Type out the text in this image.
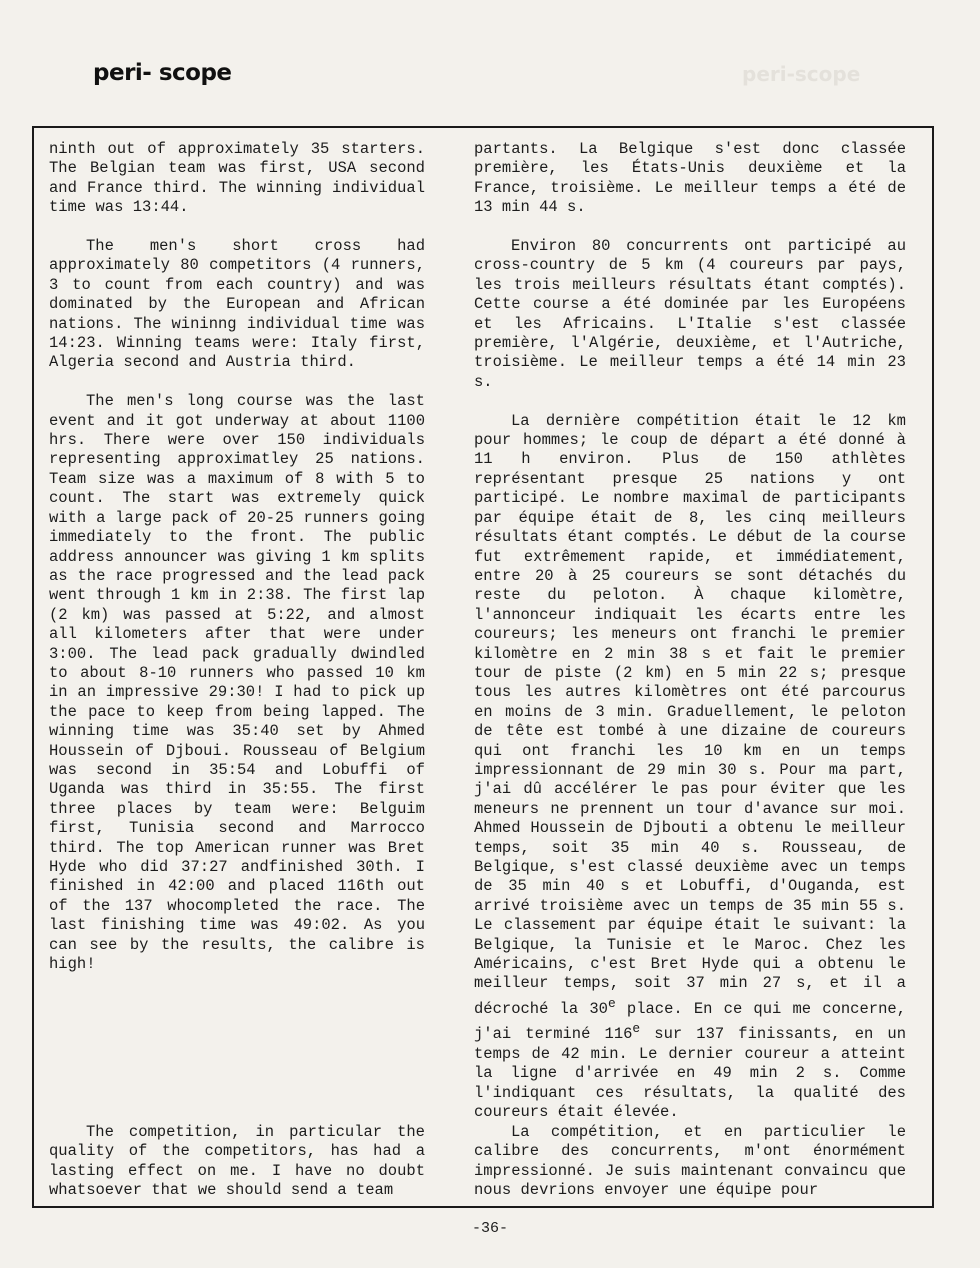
peri-scope
peri- scope

ninth out of approximately 35 starters. The Belgian team was first, USA second and France third. The winning individual time was 13:44.

The men's short cross had approximately 80 competitors (4 runners, 3 to count from each country) and was dominated by the European and African nations. The wininng individual time was 14:23. Winning teams were: Italy first, Algeria second and Austria third.

The men's long course was the last event and it got underway at about 1100 hrs. There were over 150 individuals representing approximatley 25 nations. Team size was a maximum of 8 with 5 to count. The start was extremely quick with a large pack of 20-25 runners going immediately to the front. The public address announcer was giving 1 km splits as the race progressed and the lead pack went through 1 km in 2:38. The first lap (2 km) was passed at 5:22, and almost all kilometers after that were under 3:00. The lead pack gradually dwindled to about 8-10 runners who passed 10 km in an impressive 29:30! I had to pick up the pace to keep from being lapped. The winning time was 35:40 set by Ahmed Houssein of Djboui. Rousseau of Belgium was second in 35:54 and Lobuffi of Uganda was third in 35:55. The first three places by team were: Belguim first, Tunisia second and Marrocco third. The top American runner was Bret Hyde who did 37:27 andfinished 30th. I finished in 42:00 and placed 116th out of the 137 whocompleted the race. The last finishing time was 49:02. As you can see by the results, the calibre is high!

The competition, in particular the quality of the competitors, has had a lasting effect on me. I have no doubt whatsoever that we should send a team

partants. La Belgique s'est donc classée première, les États-Unis deuxième et la France, troisième. Le meilleur temps a été de 13 min 44 s.

Environ 80 concurrents ont participé au cross-country de 5 km (4 coureurs par pays, les trois meilleurs résultats étant comptés). Cette course a été dominée par les Européens et les Africains. L'Italie s'est classée première, l'Algérie, deuxième, et l'Autriche, troisième. Le meilleur temps a été 14 min 23 s.

La dernière compétition était le 12 km pour hommes; le coup de départ a été donné à 11 h environ. Plus de 150 athlètes représentant presque 25 nations y ont participé. Le nombre maximal de participants par équipe était de 8, les cinq meilleurs résultats étant comptés. Le début de la course fut extrêmement rapide, et immédiatement, entre 20 à 25 coureurs se sont détachés du reste du peloton. À chaque kilomètre, l'annonceur indiquait les écarts entre les coureurs; les meneurs ont franchi le premier kilomètre en 2 min 38 s et fait le premier tour de piste (2 km) en 5 min 22 s; presque tous les autres kilomètres ont été parcourus en moins de 3 min. Graduellement, le peloton de tête est tombé à une dizaine de coureurs qui ont franchi les 10 km en un temps impressionnant de 29 min 30 s. Pour ma part, j'ai dû accélérer le pas pour éviter que les meneurs ne prennent un tour d'avance sur moi. Ahmed Houssein de Djbouti a obtenu le meilleur temps, soit 35 min 40 s. Rousseau, de Belgique, s'est classé deuxième avec un temps de 35 min 40 s et Lobuffi, d'Ouganda, est arrivé troisième avec un temps de 35 min 55 s. Le classement par équipe était le suivant: la Belgique, la Tunisie et le Maroc. Chez les Américains, c'est Bret Hyde qui a obtenu le meilleur temps, soit 37 min 27 s, et il a décroché la 30e place. En ce qui me concerne, j'ai terminé 116e sur 137 finissants, en un temps de 42 min. Le dernier coureur a atteint la ligne d'arrivée en 49 min 2 s. Comme l'indiquant ces résultats, la qualité des coureurs était élevée.

La compétition, et en particulier le calibre des concurrents, m'ont énormément impressionné. Je suis maintenant convaincu que nous devrions envoyer une équipe pour

-36-
